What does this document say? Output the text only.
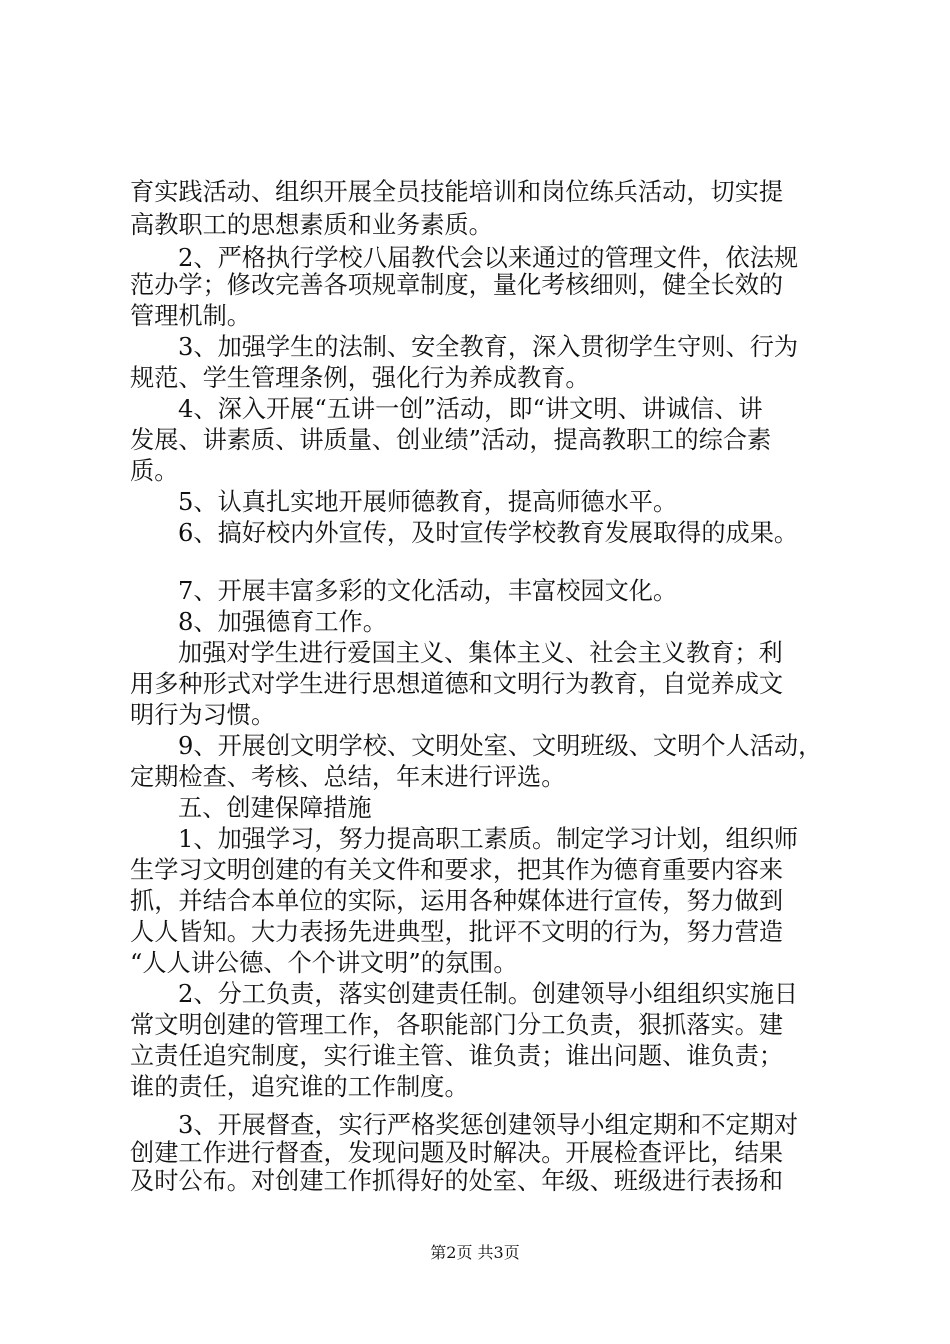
育实践活动、组织开展全员技能培训和岗位练兵活动，切实提
高教职工的思想素质和业务素质。
2、严格执行学校八届教代会以来通过的管理文件，依法规
范办学；修改完善各项规章制度，量化考核细则，健全长效的
管理机制。
3、加强学生的法制、安全教育，深入贯彻学生守则、行为
规范、学生管理条例，强化行为养成教育。
4、深入开展“五讲一创”活动，即“讲文明、讲诚信、讲
发展、讲素质、讲质量、创业绩”活动，提高教职工的综合素
质。
5、认真扎实地开展师德教育，提高师德水平。
6、搞好校内外宣传，及时宣传学校教育发展取得的成果。
7、开展丰富多彩的文化活动，丰富校园文化。
8、加强德育工作。
加强对学生进行爱国主义、集体主义、社会主义教育；利
用多种形式对学生进行思想道德和文明行为教育，自觉养成文
明行为习惯。
9、开展创文明学校、文明处室、文明班级、文明个人活动，
定期检查、考核、总结，年末进行评选。
五、创建保障措施
1、加强学习，努力提高职工素质。制定学习计划，组织师
生学习文明创建的有关文件和要求，把其作为德育重要内容来
抓，并结合本单位的实际，运用各种媒体进行宣传，努力做到
人人皆知。大力表扬先进典型，批评不文明的行为，努力营造
“人人讲公德、个个讲文明”的氛围。
2、分工负责，落实创建责任制。创建领导小组组织实施日
常文明创建的管理工作，各职能部门分工负责，狠抓落实。建
立责任追究制度，实行谁主管、谁负责；谁出问题、谁负责；
谁的责任，追究谁的工作制度。
3、开展督查，实行严格奖惩创建领导小组定期和不定期对
创建工作进行督查，发现问题及时解决。开展检查评比，结果
及时公布。对创建工作抓得好的处室、年级、班级进行表扬和
第2页 共3页
